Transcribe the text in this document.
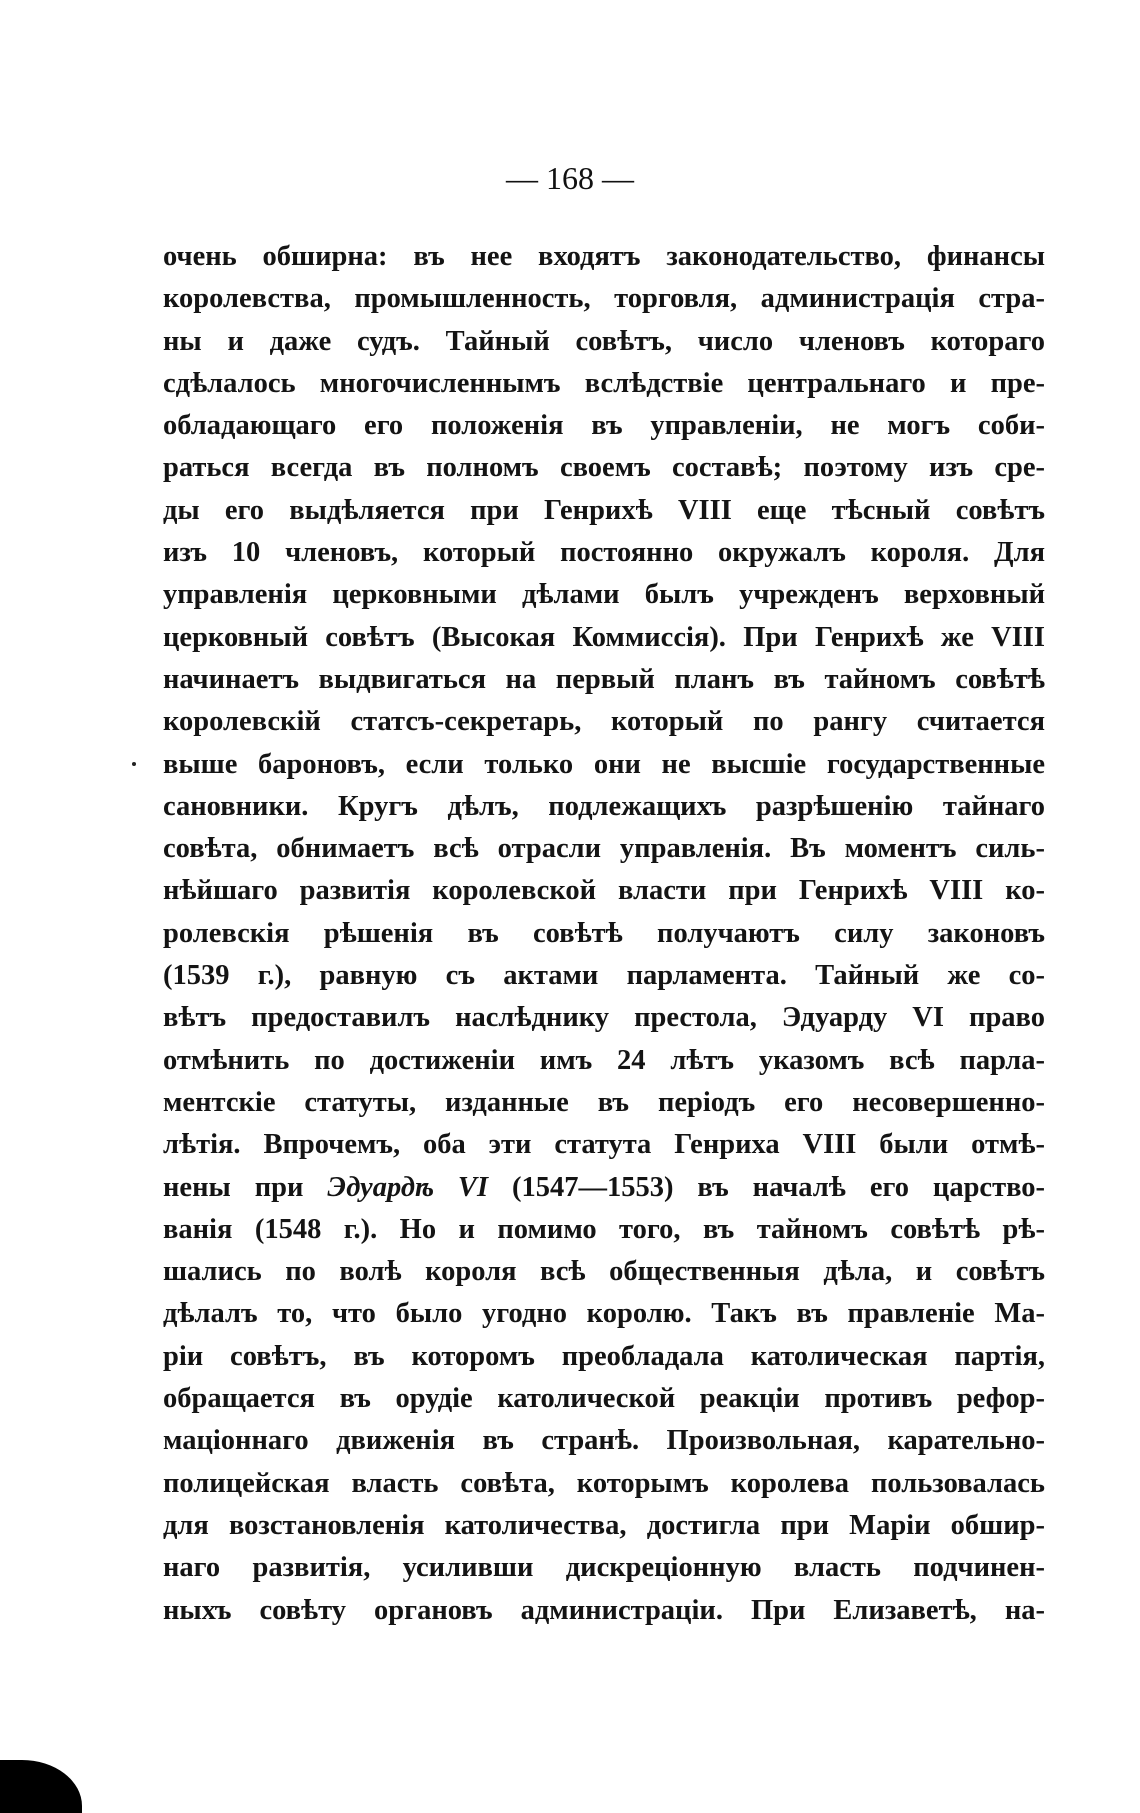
— 168 —
очень обширна: въ нее входятъ законодательство, финансы
королевства, промышленность, торговля, администрація стра-
ны и даже судъ. Тайный совѣтъ, число членовъ котораго
сдѣлалось многочисленнымъ вслѣдствіе центральнаго и пре-
обладающаго его положенія въ управленіи, не могъ соби-
раться всегда въ полномъ своемъ составѣ; поэтому изъ сре-
ды его выдѣляется при Генрихѣ VIII еще тѣсный совѣтъ
изъ 10 членовъ, который постоянно окружалъ короля. Для
управленія церковными дѣлами былъ учрежденъ верховный
церковный совѣтъ (Высокая Коммиссія). При Генрихѣ же VIII
начинаетъ выдвигаться на первый планъ въ тайномъ совѣтѣ
королевскій статсъ-секретарь, который по рангу считается
выше бароновъ, если только они не высшіе государственные
сановники. Кругъ дѣлъ, подлежащихъ разрѣшенію тайнаго
совѣта, обнимаетъ всѣ отрасли управленія. Въ моментъ силь-
нѣйшаго развитія королевской власти при Генрихѣ VIII ко-
ролевскія рѣшенія въ совѣтѣ получаютъ силу законовъ
(1539 г.), равную съ актами парламента. Тайный же со-
вѣтъ предоставилъ наслѣднику престола, Эдуарду VI право
отмѣнить по достиженіи имъ 24 лѣтъ указомъ всѣ парла-
ментскіе статуты, изданные въ періодъ его несовершенно-
лѣтія. Впрочемъ, оба эти статута Генриха VIII были отмѣ-
нены при Эдуардѣ VI (1547—1553) въ началѣ его царство-
ванія (1548 г.). Но и помимо того, въ тайномъ совѣтѣ рѣ-
шались по волѣ короля всѣ общественныя дѣла, и совѣтъ
дѣлалъ то, что было угодно королю. Такъ въ правленіе Ма-
ріи совѣтъ, въ которомъ преобладала католическая партія,
обращается въ орудіе католической реакціи противъ рефор-
маціоннаго движенія въ странѣ. Произвольная, карательно-
полицейская власть совѣта, которымъ королева пользовалась
для возстановленія католичества, достигла при Маріи обшир-
наго развитія, усиливши дискреціонную власть подчинен-
ныхъ совѣту органовъ администраціи. При Елизаветѣ, на-
